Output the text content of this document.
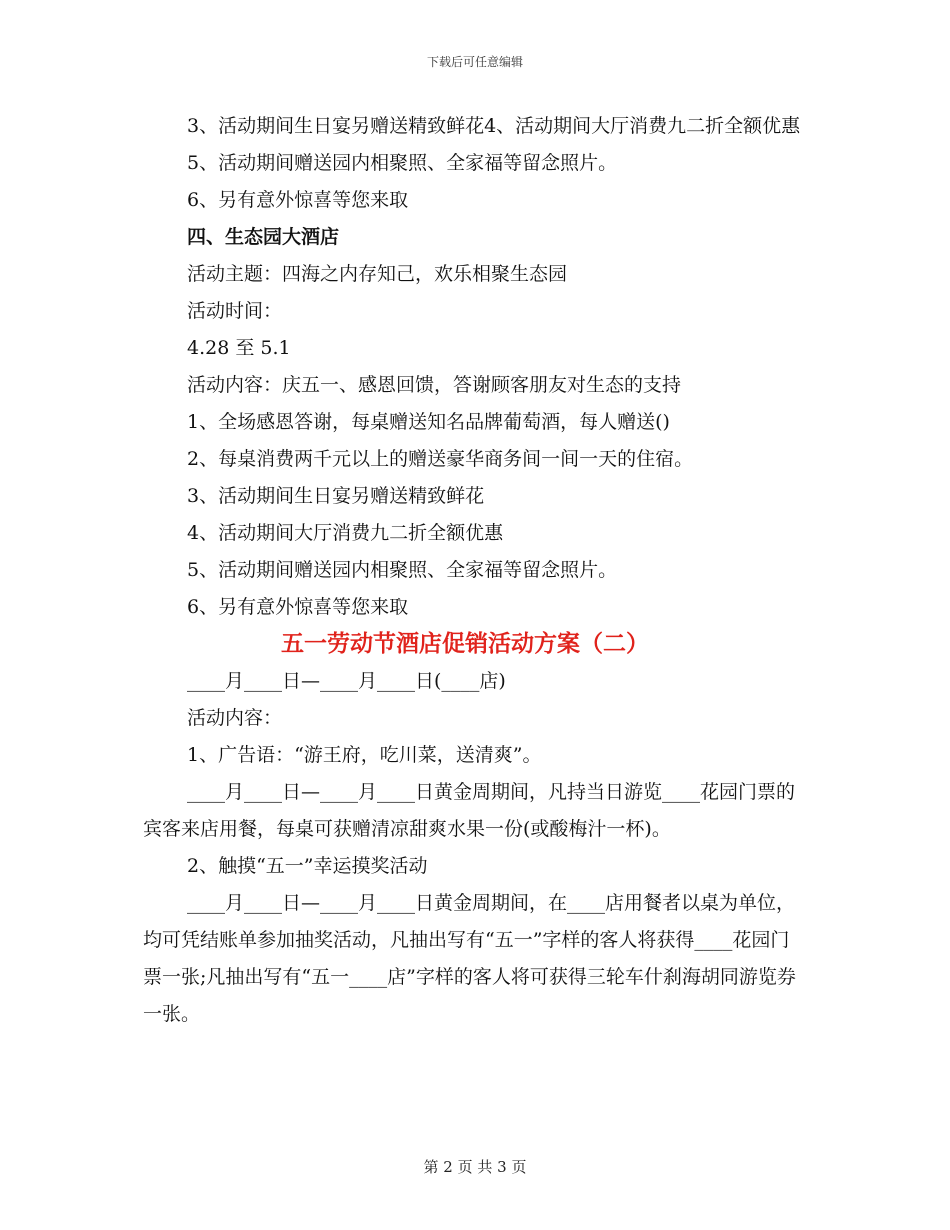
下载后可任意编辑
3、活动期间生日宴另赠送精致鲜花4、活动期间大厅消费九二折全额优惠
5、活动期间赠送园内相聚照、全家福等留念照片。
6、另有意外惊喜等您来取
四、生态园大酒店
活动主题：四海之内存知己，欢乐相聚生态园
活动时间：
4.28 至 5.1
活动内容：庆五一、感恩回馈，答谢顾客朋友对生态的支持
1、全场感恩答谢，每桌赠送知名品牌葡萄酒，每人赠送()
2、每桌消费两千元以上的赠送豪华商务间一间一天的住宿。
3、活动期间生日宴另赠送精致鲜花
4、活动期间大厅消费九二折全额优惠
5、活动期间赠送园内相聚照、全家福等留念照片。
6、另有意外惊喜等您来取
五一劳动节酒店促销活动方案（二）
____月____日—____月____日(____店)
活动内容：
1、广告语：“游王府，吃川菜，送清爽”。
____月____日—____月____日黄金周期间，凡持当日游览____花园门票的宾客来店用餐，每桌可获赠清凉甜爽水果一份(或酸梅汁一杯)。
2、触摸“五一”幸运摸奖活动
____月____日—____月____日黄金周期间，在____店用餐者以桌为单位，均可凭结账单参加抽奖活动，凡抽出写有“五一”字样的客人将获得____花园门票一张;凡抽出写有“五一____店”字样的客人将可获得三轮车什刹海胡同游览券一张。
第 2 页 共 3 页
